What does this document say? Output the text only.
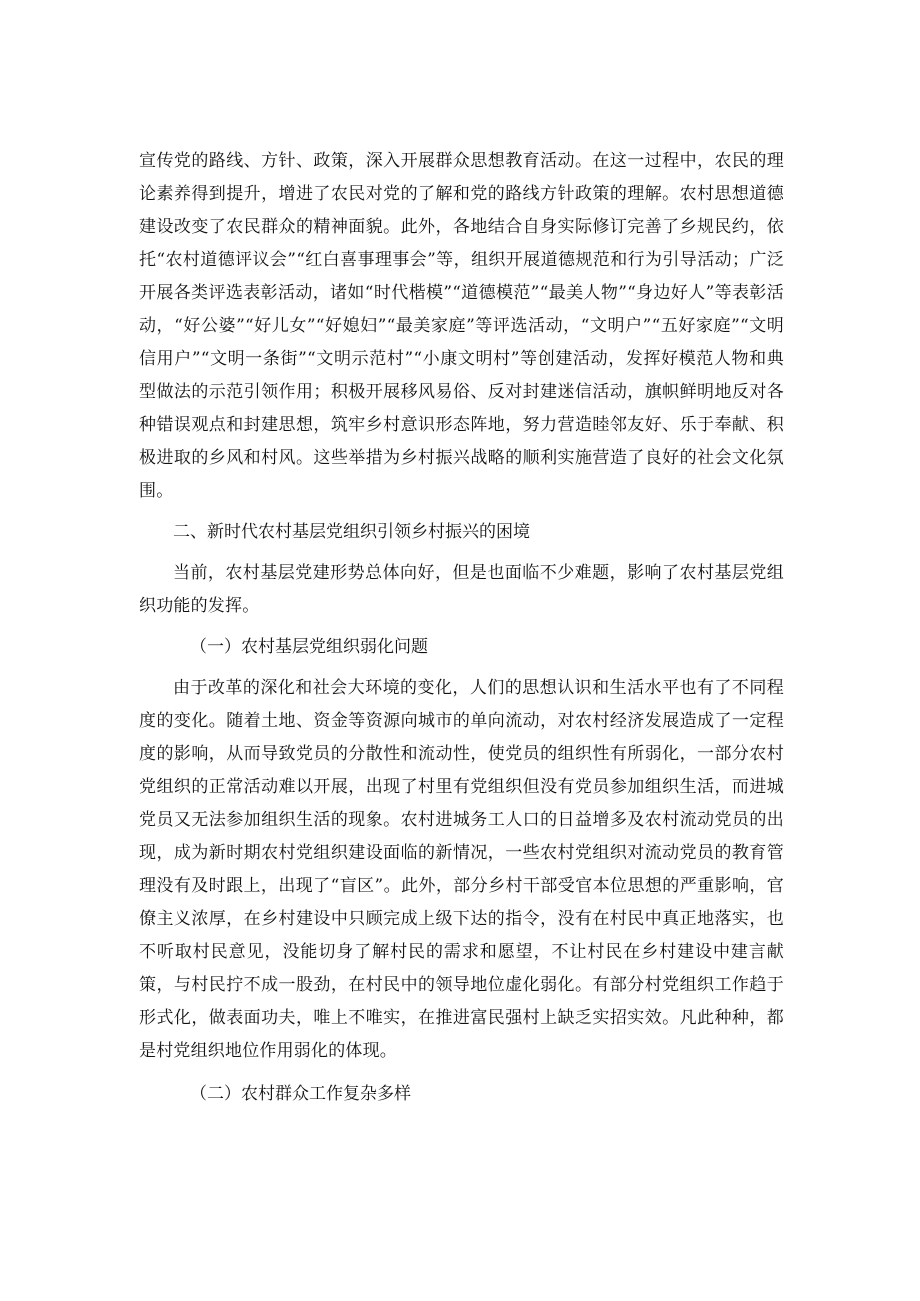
宣传党的路线、方针、政策，深入开展群众思想教育活动。在这一过程中，农民的理论素养得到提升，增进了农民对党的了解和党的路线方针政策的理解。农村思想道德建设改变了农民群众的精神面貌。此外，各地结合自身实际修订完善了乡规民约，依托“农村道德评议会”“红白喜事理事会”等，组织开展道德规范和行为引导活动；广泛开展各类评选表彰活动，诸如“时代楷模”“道德模范”“最美人物”“身边好人”等表彰活动，“好公婆”“好儿女”“好媳妇”“最美家庭”等评选活动，“文明户”“五好家庭”“文明信用户”“文明一条街”“文明示范村”“小康文明村”等创建活动，发挥好模范人物和典型做法的示范引领作用；积极开展移风易俗、反对封建迷信活动，旗帜鲜明地反对各种错误观点和封建思想，筑牢乡村意识形态阵地，努力营造睦邻友好、乐于奉献、积极进取的乡风和村风。这些举措为乡村振兴战略的顺利实施营造了良好的社会文化氛围。

二、新时代农村基层党组织引领乡村振兴的困境

当前，农村基层党建形势总体向好，但是也面临不少难题，影响了农村基层党组织功能的发挥。

（一）农村基层党组织弱化问题

由于改革的深化和社会大环境的变化，人们的思想认识和生活水平也有了不同程度的变化。随着土地、资金等资源向城市的单向流动，对农村经济发展造成了一定程度的影响，从而导致党员的分散性和流动性，使党员的组织性有所弱化，一部分农村党组织的正常活动难以开展，出现了村里有党组织但没有党员参加组织生活，而进城党员又无法参加组织生活的现象。农村进城务工人口的日益增多及农村流动党员的出现，成为新时期农村党组织建设面临的新情况，一些农村党组织对流动党员的教育管理没有及时跟上，出现了“盲区”。此外，部分乡村干部受官本位思想的严重影响，官僚主义浓厚，在乡村建设中只顾完成上级下达的指令，没有在村民中真正地落实，也不听取村民意见，没能切身了解村民的需求和愿望，不让村民在乡村建设中建言献策，与村民拧不成一股劲，在村民中的领导地位虚化弱化。有部分村党组织工作趋于形式化，做表面功夫，唯上不唯实，在推进富民强村上缺乏实招实效。凡此种种，都是村党组织地位作用弱化的体现。

（二）农村群众工作复杂多样
